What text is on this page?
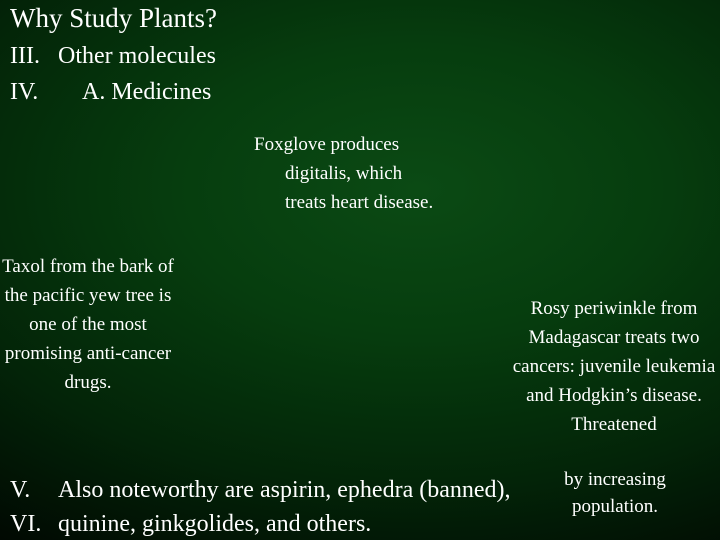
Why Study Plants?
III. Other molecules
IV. A. Medicines
Foxglove produces
digitalis, which
treats heart disease.
Taxol from the bark of the pacific yew tree is one of the most promising anti-cancer drugs.
Rosy periwinkle from Madagascar treats two cancers: juvenile leukemia and Hodgkin’s disease. Threatened
by increasing population.
V. Also noteworthy are aspirin, ephedra (banned),
VI. quinine, ginkgolides, and others.
